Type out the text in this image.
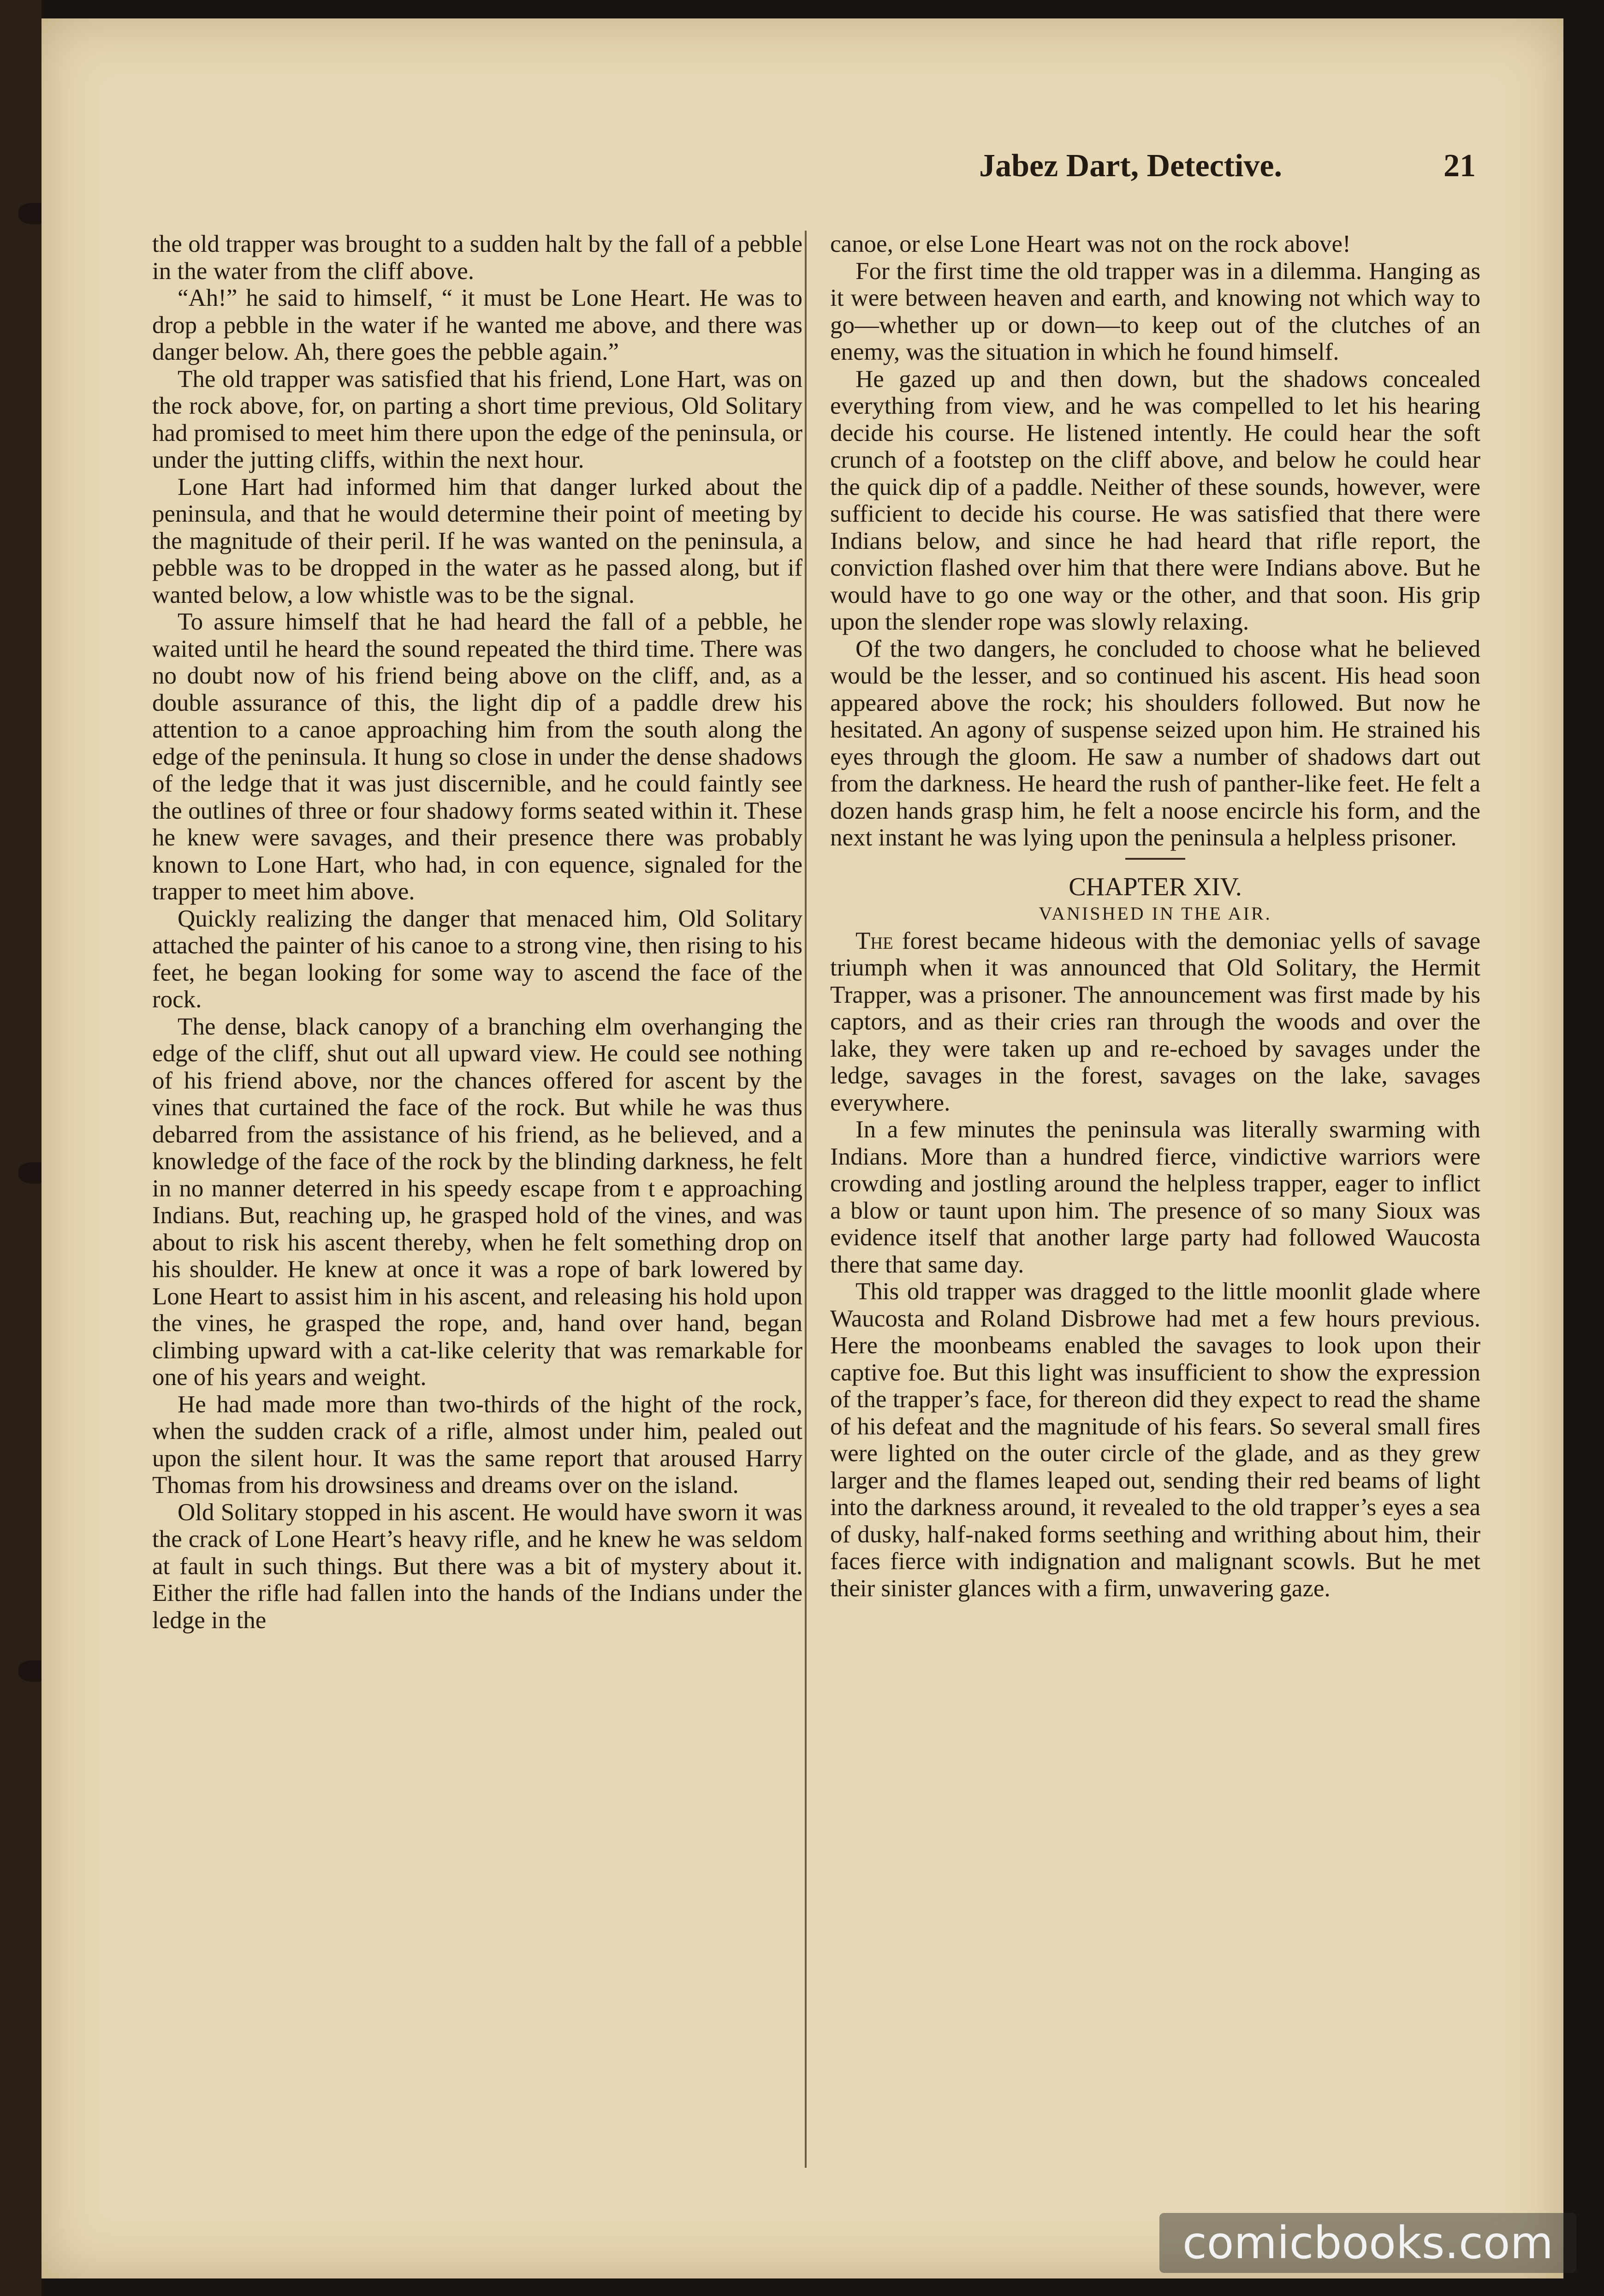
Jabez Dart, Detective.	21

the old trapper was brought to a sudden halt by the fall of a pebble in the water from the cliff above.

“Ah!” he said to himself, “ it must be Lone Heart. He was to drop a pebble in the water if he wanted me above, and there was danger below. Ah, there goes the pebble again.”

The old trapper was satisfied that his friend, Lone Hart, was on the rock above, for, on parting a short time previous, Old Solitary had promised to meet him there upon the edge of the peninsula, or under the jutting cliffs, within the next hour.

Lone Hart had informed him that danger lurked about the peninsula, and that he would determine their point of meeting by the magnitude of their peril. If he was wanted on the peninsula, a pebble was to be dropped in the water as he passed along, but if wanted below, a low whistle was to be the signal.

To assure himself that he had heard the fall of a pebble, he waited until he heard the sound repeated the third time. There was no doubt now of his friend being above on the cliff, and, as a double assurance of this, the light dip of a paddle drew his attention to a canoe approaching him from the south along the edge of the peninsula. It hung so close in under the dense shadows of the ledge that it was just discernible, and he could faintly see the outlines of three or four shadowy forms seated within it. These he knew were savages, and their presence there was probably known to Lone Hart, who had, in con equence, signaled for the trapper to meet him above.

Quickly realizing the danger that menaced him, Old Solitary attached the painter of his canoe to a strong vine, then rising to his feet, he began looking for some way to ascend the face of the rock.

The dense, black canopy of a branching elm overhanging the edge of the cliff, shut out all upward view. He could see nothing of his friend above, nor the chances offered for ascent by the vines that curtained the face of the rock. But while he was thus debarred from the assistance of his friend, as he believed, and a knowledge of the face of the rock by the blinding darkness, he felt in no manner deterred in his speedy escape from t e approaching Indians. But, reaching up, he grasped hold of the vines, and was about to risk his ascent thereby, when he felt something drop on his shoulder. He knew at once it was a rope of bark lowered by Lone Heart to assist him in his ascent, and releasing his hold upon the vines, he grasped the rope, and, hand over hand, began climbing upward with a cat-like celerity that was remarkable for one of his years and weight.

He had made more than two-thirds of the hight of the rock, when the sudden crack of a rifle, almost under him, pealed out upon the silent hour. It was the same report that aroused Harry Thomas from his drowsiness and dreams over on the island.

Old Solitary stopped in his ascent. He would have sworn it was the crack of Lone Heart’s heavy rifle, and he knew he was seldom at fault in such things. But there was a bit of mystery about it. Either the rifle had fallen into the hands of the Indians under the ledge in the

canoe, or else Lone Heart was not on the rock above!

For the first time the old trapper was in a dilemma. Hanging as it were between heaven and earth, and knowing not which way to go—whether up or down—to keep out of the clutches of an enemy, was the situation in which he found himself.

He gazed up and then down, but the shadows concealed everything from view, and he was compelled to let his hearing decide his course. He listened intently. He could hear the soft crunch of a footstep on the cliff above, and below he could hear the quick dip of a paddle. Neither of these sounds, however, were sufficient to decide his course. He was satisfied that there were Indians below, and since he had heard that rifle report, the conviction flashed over him that there were Indians above. But he would have to go one way or the other, and that soon. His grip upon the slender rope was slowly relaxing.

Of the two dangers, he concluded to choose what he believed would be the lesser, and so continued his ascent. His head soon appeared above the rock; his shoulders followed. But now he hesitated. An agony of suspense seized upon him. He strained his eyes through the gloom. He saw a number of shadows dart out from the darkness. He heard the rush of panther-like feet. He felt a dozen hands grasp him, he felt a noose encircle his form, and the next instant he was lying upon the peninsula a helpless prisoner.

CHAPTER XIV.

VANISHED IN THE AIR.

The forest became hideous with the demoniac yells of savage triumph when it was announced that Old Solitary, the Hermit Trapper, was a prisoner. The announcement was first made by his captors, and as their cries ran through the woods and over the lake, they were taken up and re-echoed by savages under the ledge, savages in the forest, savages on the lake, savages everywhere.

In a few minutes the peninsula was literally swarming with Indians. More than a hundred fierce, vindictive warriors were crowding and jostling around the helpless trapper, eager to inflict a blow or taunt upon him. The presence of so many Sioux was evidence itself that another large party had followed Waucosta there that same day.

This old trapper was dragged to the little moonlit glade where Waucosta and Roland Disbrowe had met a few hours previous. Here the moonbeams enabled the savages to look upon their captive foe. But this light was insufficient to show the expression of the trapper’s face, for thereon did they expect to read the shame of his defeat and the magnitude of his fears. So several small fires were lighted on the outer circle of the glade, and as they grew larger and the flames leaped out, sending their red beams of light into the darkness around, it revealed to the old trapper’s eyes a sea of dusky, half-naked forms seething and writhing about him, their faces fierce with indignation and malignant scowls. But he met their sinister glances with a firm, unwavering gaze.

comicbooks.com
